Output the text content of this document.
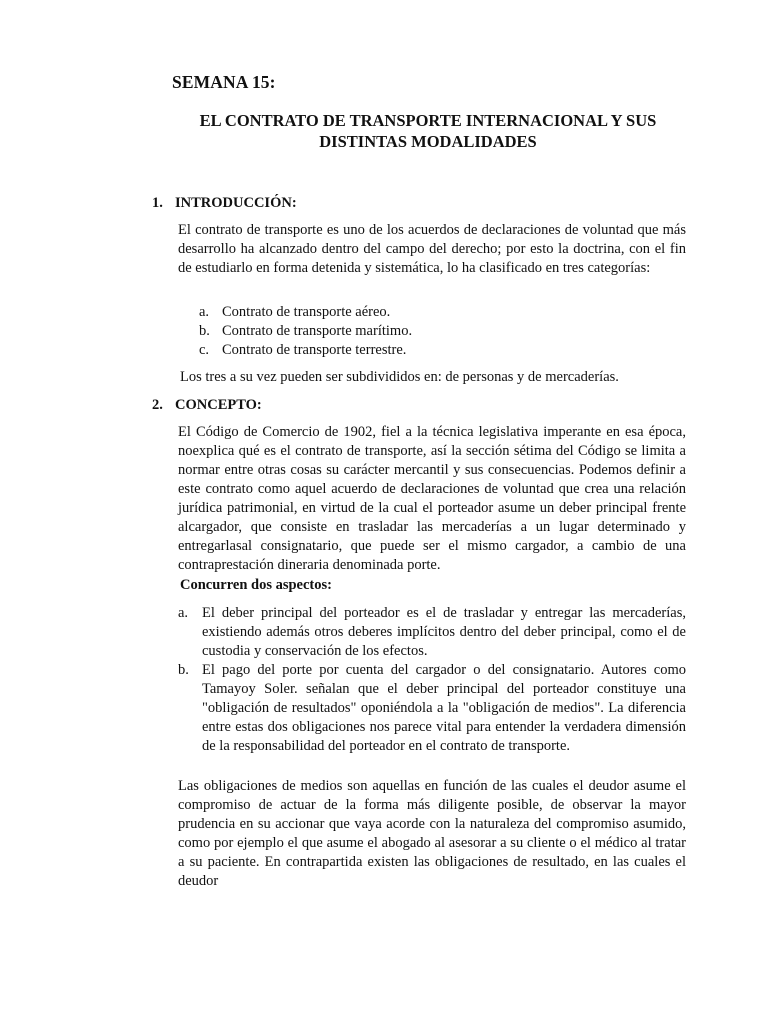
SEMANA 15:
EL CONTRATO DE TRANSPORTE INTERNACIONAL Y SUS
DISTINTAS MODALIDADES
1. INTRODUCCIÓN:
El contrato de transporte es uno de los acuerdos de declaraciones de voluntad que más desarrollo ha alcanzado dentro del campo del derecho; por esto la doctrina, con el fin de estudiarlo en forma detenida y sistemática, lo ha clasificado en tres categorías:
a. Contrato de transporte aéreo.
b. Contrato de transporte marítimo.
c. Contrato de transporte terrestre.
Los tres a su vez pueden ser subdivididos en: de personas y de mercaderías.
2. CONCEPTO:
El Código de Comercio de 1902, fiel a la técnica legislativa imperante en esa época, noexplica qué es el contrato de transporte, así la sección sétima del Código se limita a normar entre otras cosas su carácter mercantil y sus consecuencias. Podemos definir a este contrato como aquel acuerdo de declaraciones de voluntad que crea una relación jurídica patrimonial, en virtud de la cual el porteador asume un deber principal frente alcargador, que consiste en trasladar las mercaderías a un lugar determinado y entregarlasal consignatario, que puede ser el mismo cargador, a cambio de una contraprestación dineraria denominada porte.
Concurren dos aspectos:
a. El deber principal del porteador es el de trasladar y entregar las mercaderías, existiendo además otros deberes implícitos dentro del deber principal, como el de custodia y conservación de los efectos.
b. El pago del porte por cuenta del cargador o del consignatario. Autores como Tamayoy Soler. señalan que el deber principal del porteador constituye una "obligación de resultados" oponiéndola a la "obligación de medios". La diferencia entre estas dos obligaciones nos parece vital para entender la verdadera dimensión de la responsabilidad del porteador en el contrato de transporte.
Las obligaciones de medios son aquellas en función de las cuales el deudor asume el compromiso de actuar de la forma más diligente posible, de observar la mayor prudencia en su accionar que vaya acorde con la naturaleza del compromiso asumido, como por ejemplo el que asume el abogado al asesorar a su cliente o el médico al tratar a su paciente. En contrapartida existen las obligaciones de resultado, en las cuales el deudor
